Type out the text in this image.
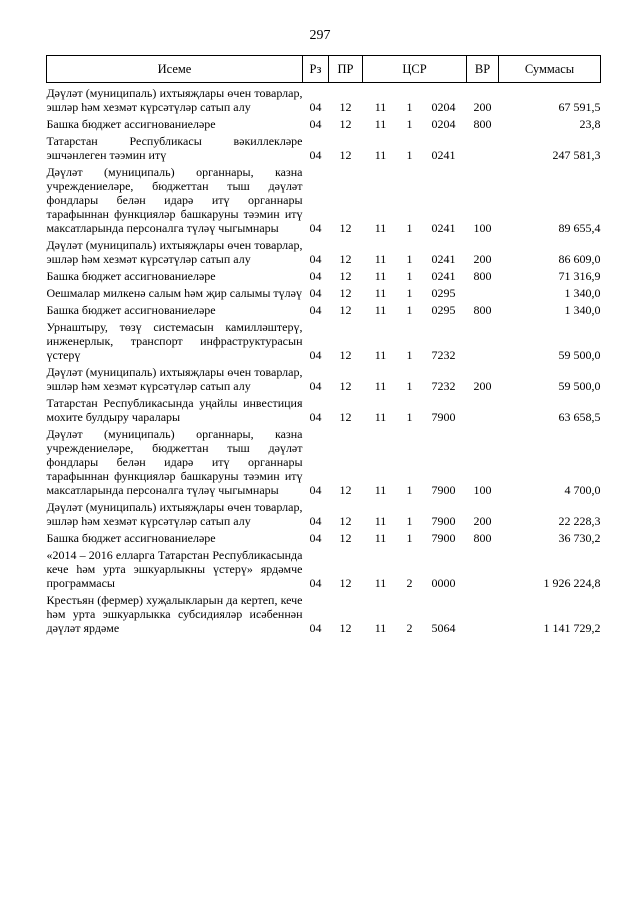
297
Исеме	Рз	ПР	ЦСР			ВР	Суммасы
Дәүләт (муниципаль) ихтыяҗлары өчен товарлар, эшләр һәм хезмәт күрсәтүләр сатып алу	04	12	11	1	0204	200	67 591,5
Башка бюджет ассигнованиеләре	04	12	11	1	0204	800	23,8
Татарстан Республикасы вәкиллекләре эшчәнлеген тәэмин итү	04	12	11	1	0241		247 581,3
Дәүләт (муниципаль) органнары, казна учреждениеләре, бюджеттан тыш дәүләт фондлары белән идарә итү органнары тарафыннан функцияләр башкаруны тәэмин итү максатларында персоналга түләү чыгымнары	04	12	11	1	0241	100	89 655,4
Дәүләт (муниципаль) ихтыяҗлары өчен товарлар, эшләр һәм хезмәт күрсәтүләр сатып алу	04	12	11	1	0241	200	86 609,0
Башка бюджет ассигнованиеләре	04	12	11	1	0241	800	71 316,9
Оешмалар милкенә салым һәм җир салымы түләү	04	12	11	1	0295		1 340,0
Башка бюджет ассигнованиеләре	04	12	11	1	0295	800	1 340,0
Урнаштыру, төзү системасын камилләштерү, инженерлык, транспорт инфраструктурасын үстерү	04	12	11	1	7232		59 500,0
Дәүләт (муниципаль) ихтыяҗлары өчен товарлар, эшләр һәм хезмәт күрсәтүләр сатып алу	04	12	11	1	7232	200	59 500,0
Татарстан Республикасында уңайлы инвестиция мохите булдыру чаралары	04	12	11	1	7900		63 658,5
Дәүләт (муниципаль) органнары, казна учреждениеләре, бюджеттан тыш дәүләт фондлары белән идарә итү органнары тарафыннан функцияләр башкаруны тәэмин итү максатларында персоналга түләү чыгымнары	04	12	11	1	7900	100	4 700,0
Дәүләт (муниципаль) ихтыяҗлары өчен товарлар, эшләр һәм хезмәт күрсәтүләр сатып алу	04	12	11	1	7900	200	22 228,3
Башка бюджет ассигнованиеләре	04	12	11	1	7900	800	36 730,2
«2014 – 2016 елларга Татарстан Республикасында кече һәм урта эшкуарлыкны үстерү» ярдәмче программасы	04	12	11	2	0000		1 926 224,8
Крестьян (фермер) хуҗалыкларын да кертеп, кече һәм урта эшкуарлыкка субсидияләр исәбеннән дәүләт ярдәме	04	12	11	2	5064		1 141 729,2
